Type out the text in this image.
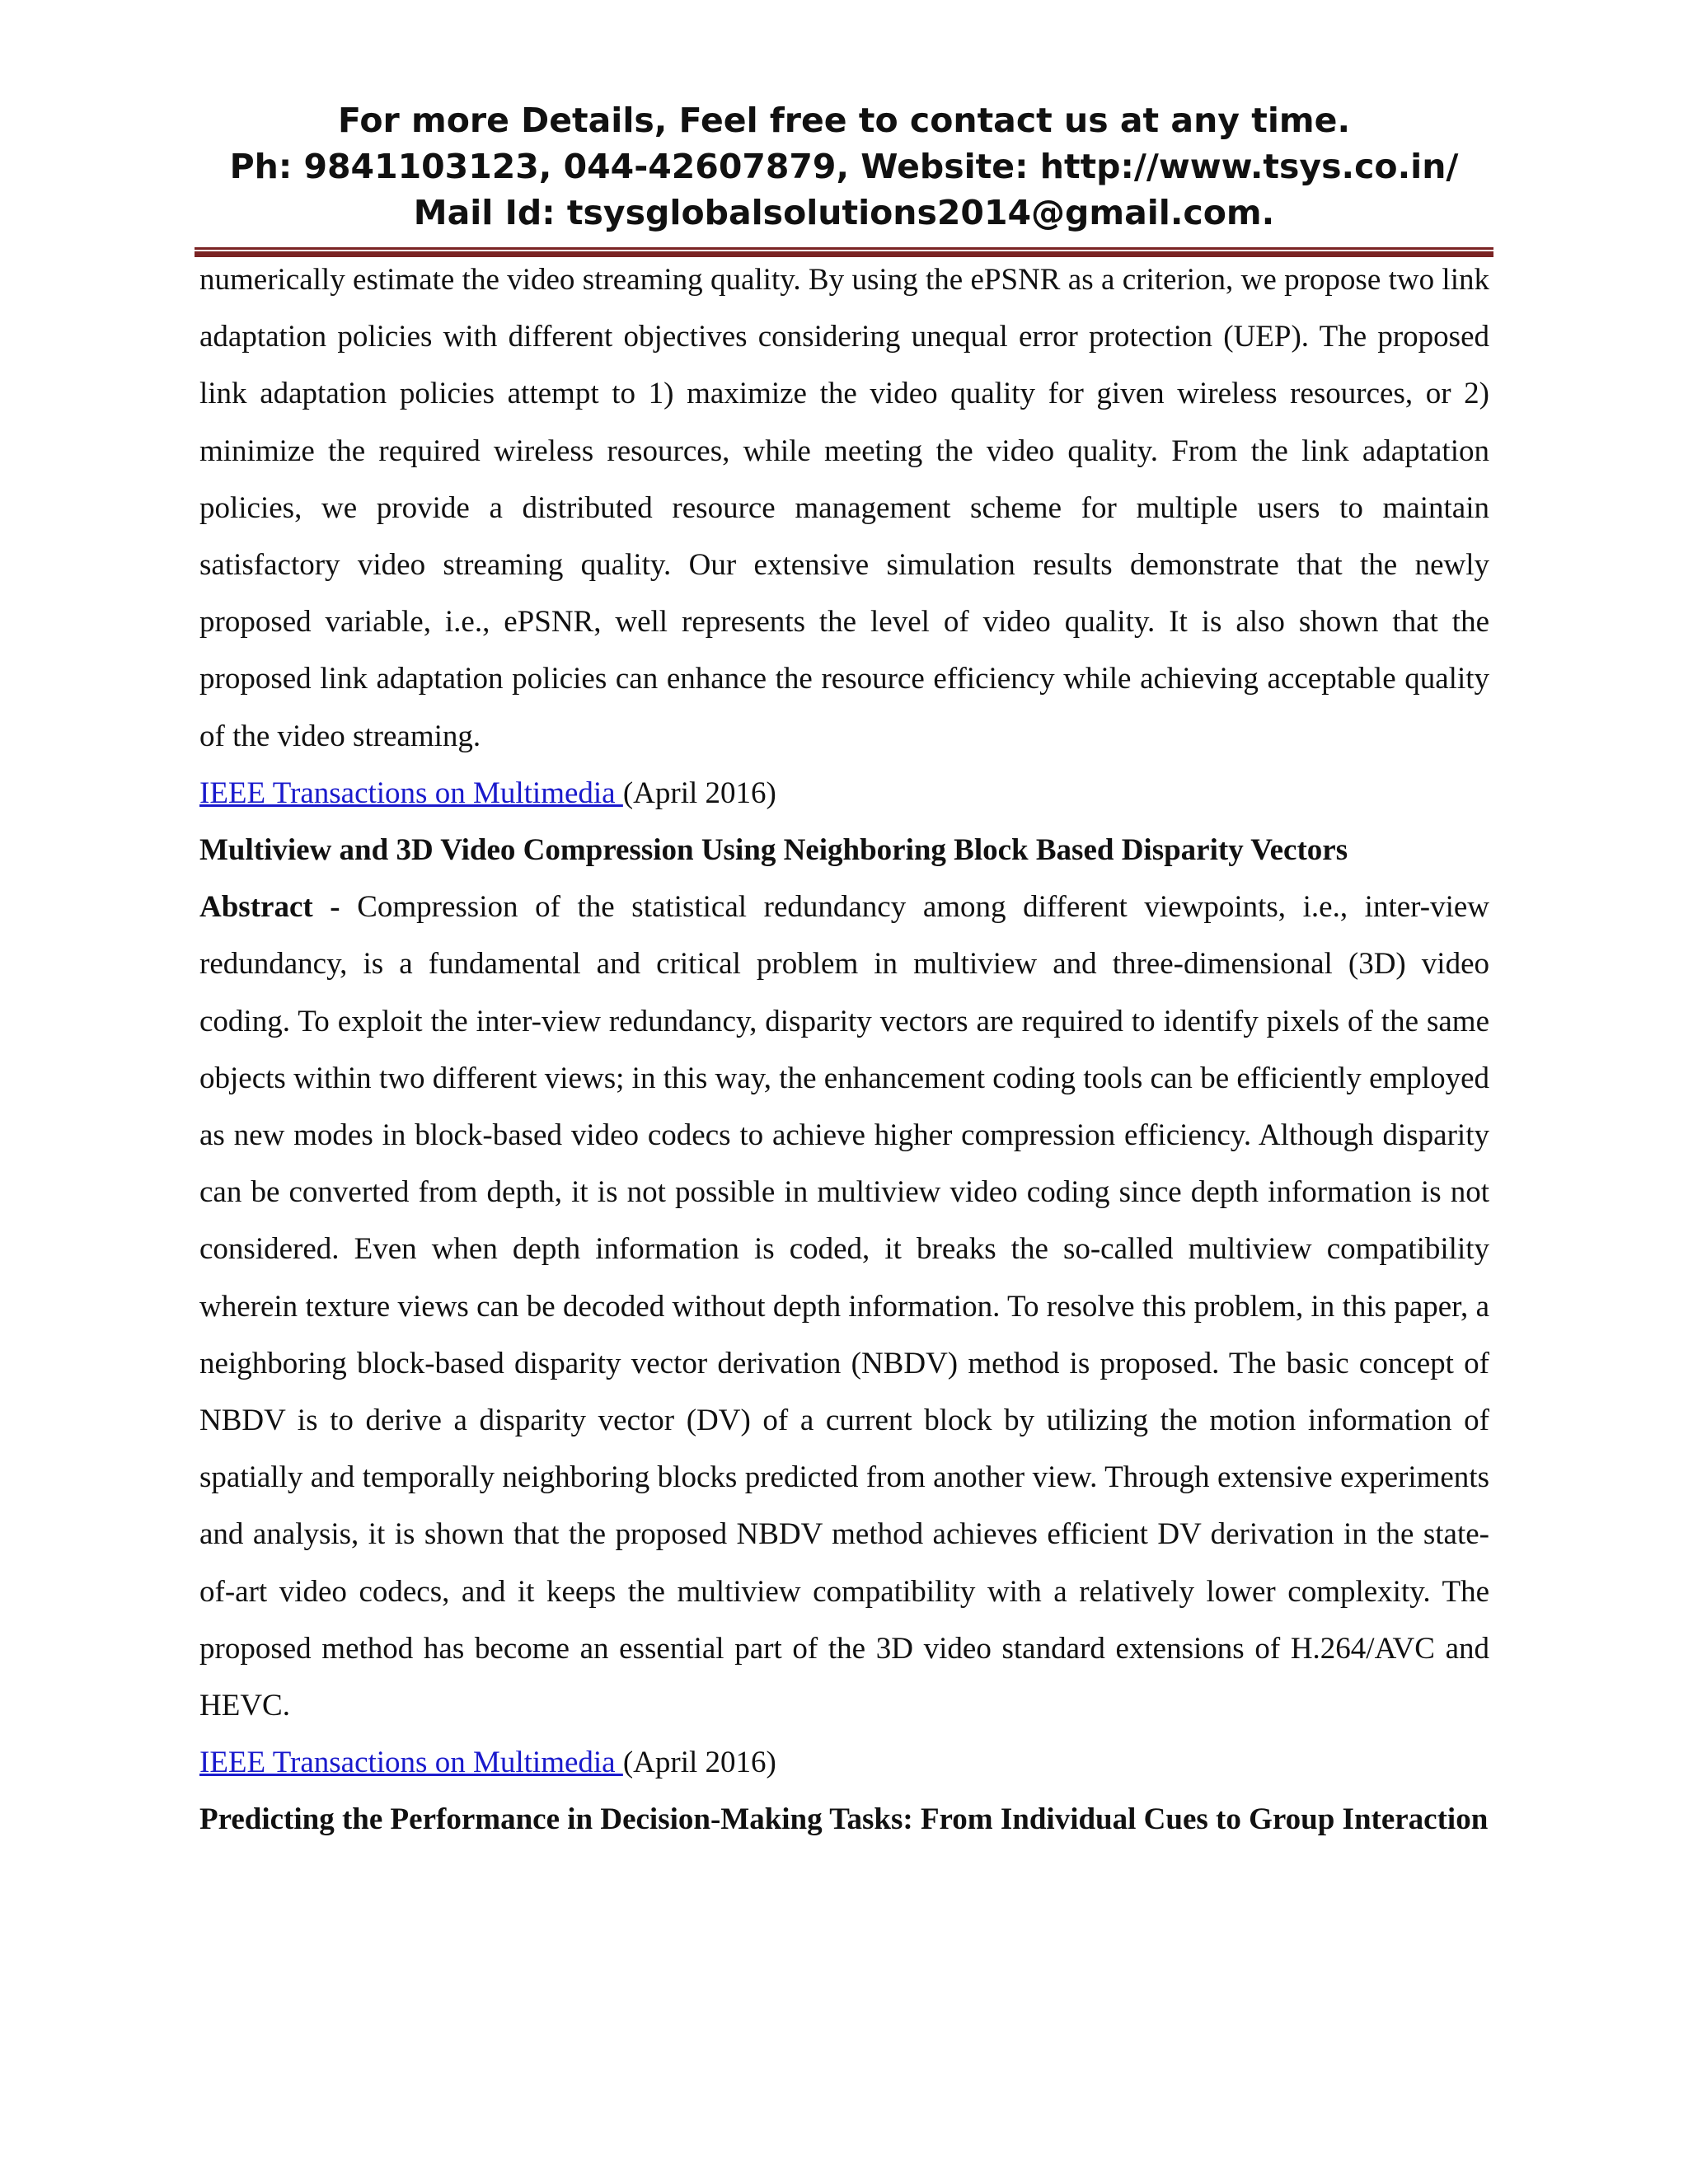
For more Details, Feel free to contact us at any time.
Ph: 9841103123, 044-42607879, Website: http://www.tsys.co.in/
Mail Id: tsysglobalsolutions2014@gmail.com.

numerically estimate the video streaming quality. By using the ePSNR as a criterion, we propose two link adaptation policies with different objectives considering unequal error protection (UEP). The proposed link adaptation policies attempt to 1) maximize the video quality for given wireless resources, or 2) minimize the required wireless resources, while meeting the video quality. From the link adaptation policies, we provide a distributed resource management scheme for multiple users to maintain satisfactory video streaming quality. Our extensive simulation results demonstrate that the newly proposed variable, i.e., ePSNR, well represents the level of video quality. It is also shown that the proposed link adaptation policies can enhance the resource efficiency while achieving acceptable quality of the video streaming.

IEEE Transactions on Multimedia (April 2016)

Multiview and 3D Video Compression Using Neighboring Block Based Disparity Vectors

Abstract - Compression of the statistical redundancy among different viewpoints, i.e., inter-view redundancy, is a fundamental and critical problem in multiview and three-dimensional (3D) video coding. To exploit the inter-view redundancy, disparity vectors are required to identify pixels of the same objects within two different views; in this way, the enhancement coding tools can be efficiently employed as new modes in block-based video codecs to achieve higher compression efficiency. Although disparity can be converted from depth, it is not possible in multiview video coding since depth information is not considered. Even when depth information is coded, it breaks the so-called multiview compatibility wherein texture views can be decoded without depth information. To resolve this problem, in this paper, a neighboring block-based disparity vector derivation (NBDV) method is proposed. The basic concept of NBDV is to derive a disparity vector (DV) of a current block by utilizing the motion information of spatially and temporally neighboring blocks predicted from another view. Through extensive experiments and analysis, it is shown that the proposed NBDV method achieves efficient DV derivation in the state-of-art video codecs, and it keeps the multiview compatibility with a relatively lower complexity. The proposed method has become an essential part of the 3D video standard extensions of H.264/AVC and HEVC.

IEEE Transactions on Multimedia (April 2016)

Predicting the Performance in Decision-Making Tasks: From Individual Cues to Group Interaction
